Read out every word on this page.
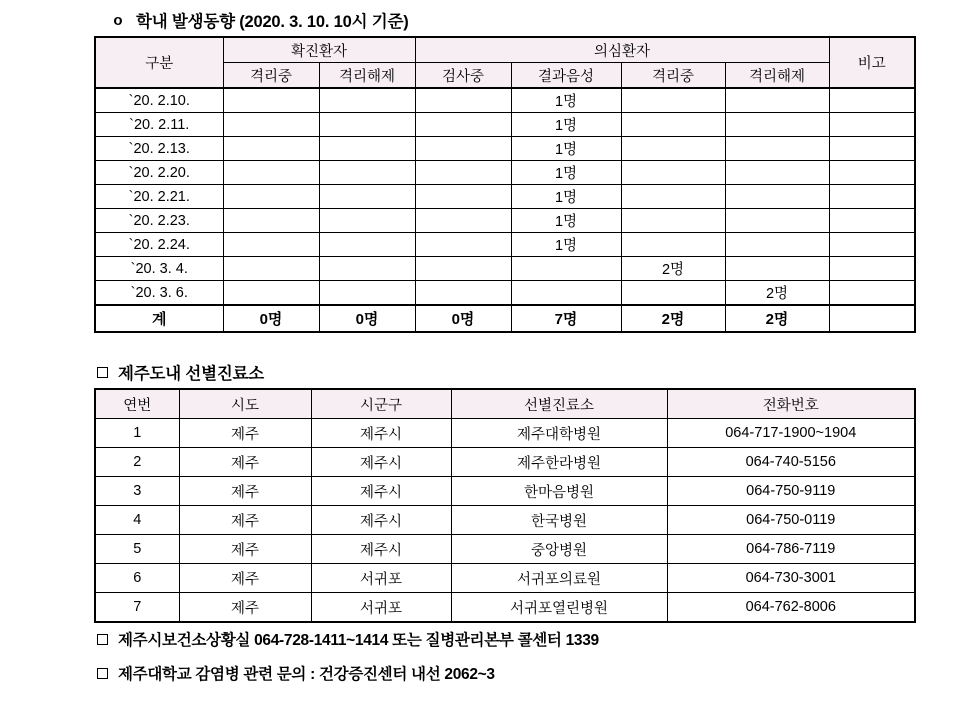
o 학내 발생동향 (2020. 3. 10. 10시 기준)
구분	확진환자		의심환자				비고
	격리중	격리해제	검사중	결과음성	격리중	격리해제	
`20. 2.10.				1명			
`20. 2.11.				1명			
`20. 2.13.				1명			
`20. 2.20.				1명			
`20. 2.21.				1명			
`20. 2.23.				1명			
`20. 2.24.				1명			
`20. 3. 4.					2명		
`20. 3. 6.						2명	
계	0명	0명	0명	7명	2명	2명	
제주도내 선별진료소
연번	시도	시군구	선별진료소	전화번호
1	제주	제주시	제주대학병원	064-717-1900~1904
2	제주	제주시	제주한라병원	064-740-5156
3	제주	제주시	한마음병원	064-750-9119
4	제주	제주시	한국병원	064-750-0119
5	제주	제주시	중앙병원	064-786-7119
6	제주	서귀포	서귀포의료원	064-730-3001
7	제주	서귀포	서귀포열린병원	064-762-8006
제주시보건소상황실 064-728-1411~1414 또는 질병관리본부 콜센터 1339
제주대학교 감염병 관련 문의 : 건강증진센터 내선 2062~3
